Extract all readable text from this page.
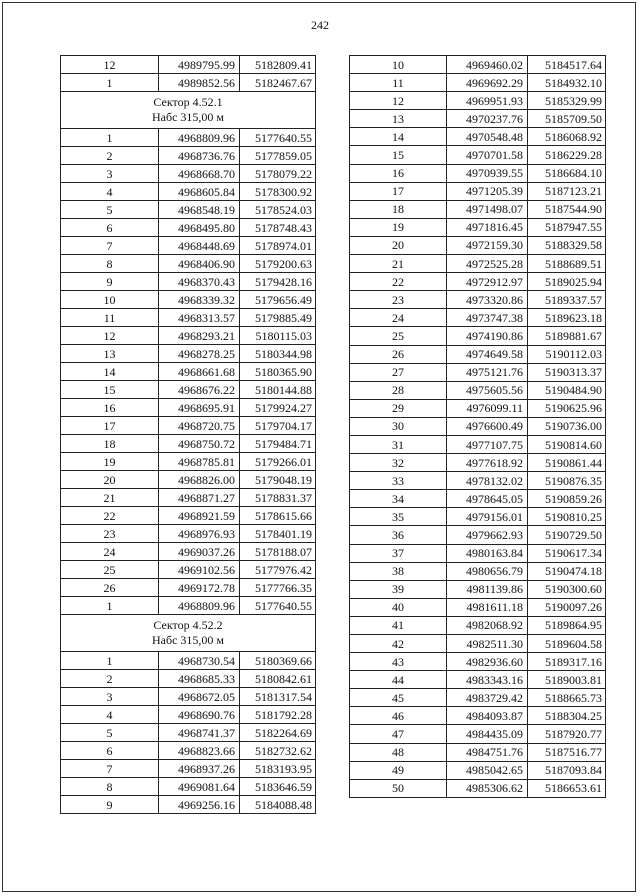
242
12	4989795.99	5182809.41
1	4989852.56	5182467.67

Сектор 4.52.1
Набс 315,00 м		

1	4968809.96	5177640.55
2	4968736.76	5177859.05
3	4968668.70	5178079.22
4	4968605.84	5178300.92
5	4968548.19	5178524.03
6	4968495.80	5178748.43
7	4968448.69	5178974.01
8	4968406.90	5179200.63
9	4968370.43	5179428.16
10	4968339.32	5179656.49
11	4968313.57	5179885.49
12	4968293.21	5180115.03
13	4968278.25	5180344.98
14	4968661.68	5180365.90
15	4968676.22	5180144.88
16	4968695.91	5179924.27
17	4968720.75	5179704.17
18	4968750.72	5179484.71
19	4968785.81	5179266.01
20	4968826.00	5179048.19
21	4968871.27	5178831.37
22	4968921.59	5178615.66
23	4968976.93	5178401.19
24	4969037.26	5178188.07
25	4969102.56	5177976.42
26	4969172.78	5177766.35
1	4968809.96	5177640.55

Сектор 4.52.2
Набс 315,00 м		

1	4968730.54	5180369.66
2	4968685.33	5180842.61
3	4968672.05	5181317.54
4	4968690.76	5181792.28
5	4968741.37	5182264.69
6	4968823.66	5182732.62
7	4968937.26	5183193.95
8	4969081.64	5183646.59
9	4969256.16	5184088.48
10	4969460.02	5184517.64
11	4969692.29	5184932.10
12	4969951.93	5185329.99
13	4970237.76	5185709.50
14	4970548.48	5186068.92
15	4970701.58	5186229.28
16	4970939.55	5186684.10
17	4971205.39	5187123.21
18	4971498.07	5187544.90
19	4971816.45	5187947.55
20	4972159.30	5188329.58
21	4972525.28	5188689.51
22	4972912.97	5189025.94
23	4973320.86	5189337.57
24	4973747.38	5189623.18
25	4974190.86	5189881.67
26	4974649.58	5190112.03
27	4975121.76	5190313.37
28	4975605.56	5190484.90
29	4976099.11	5190625.96
30	4976600.49	5190736.00
31	4977107.75	5190814.60
32	4977618.92	5190861.44
33	4978132.02	5190876.35
34	4978645.05	5190859.26
35	4979156.01	5190810.25
36	4979662.93	5190729.50
37	4980163.84	5190617.34
38	4980656.79	5190474.18
39	4981139.86	5190300.60
40	4981611.18	5190097.26
41	4982068.92	5189864.95
42	4982511.30	5189604.58
43	4982936.60	5189317.16
44	4983343.16	5189003.81
45	4983729.42	5188665.73
46	4984093.87	5188304.25
47	4984435.09	5187920.77
48	4984751.76	5187516.77
49	4985042.65	5187093.84
50	4985306.62	5186653.61
